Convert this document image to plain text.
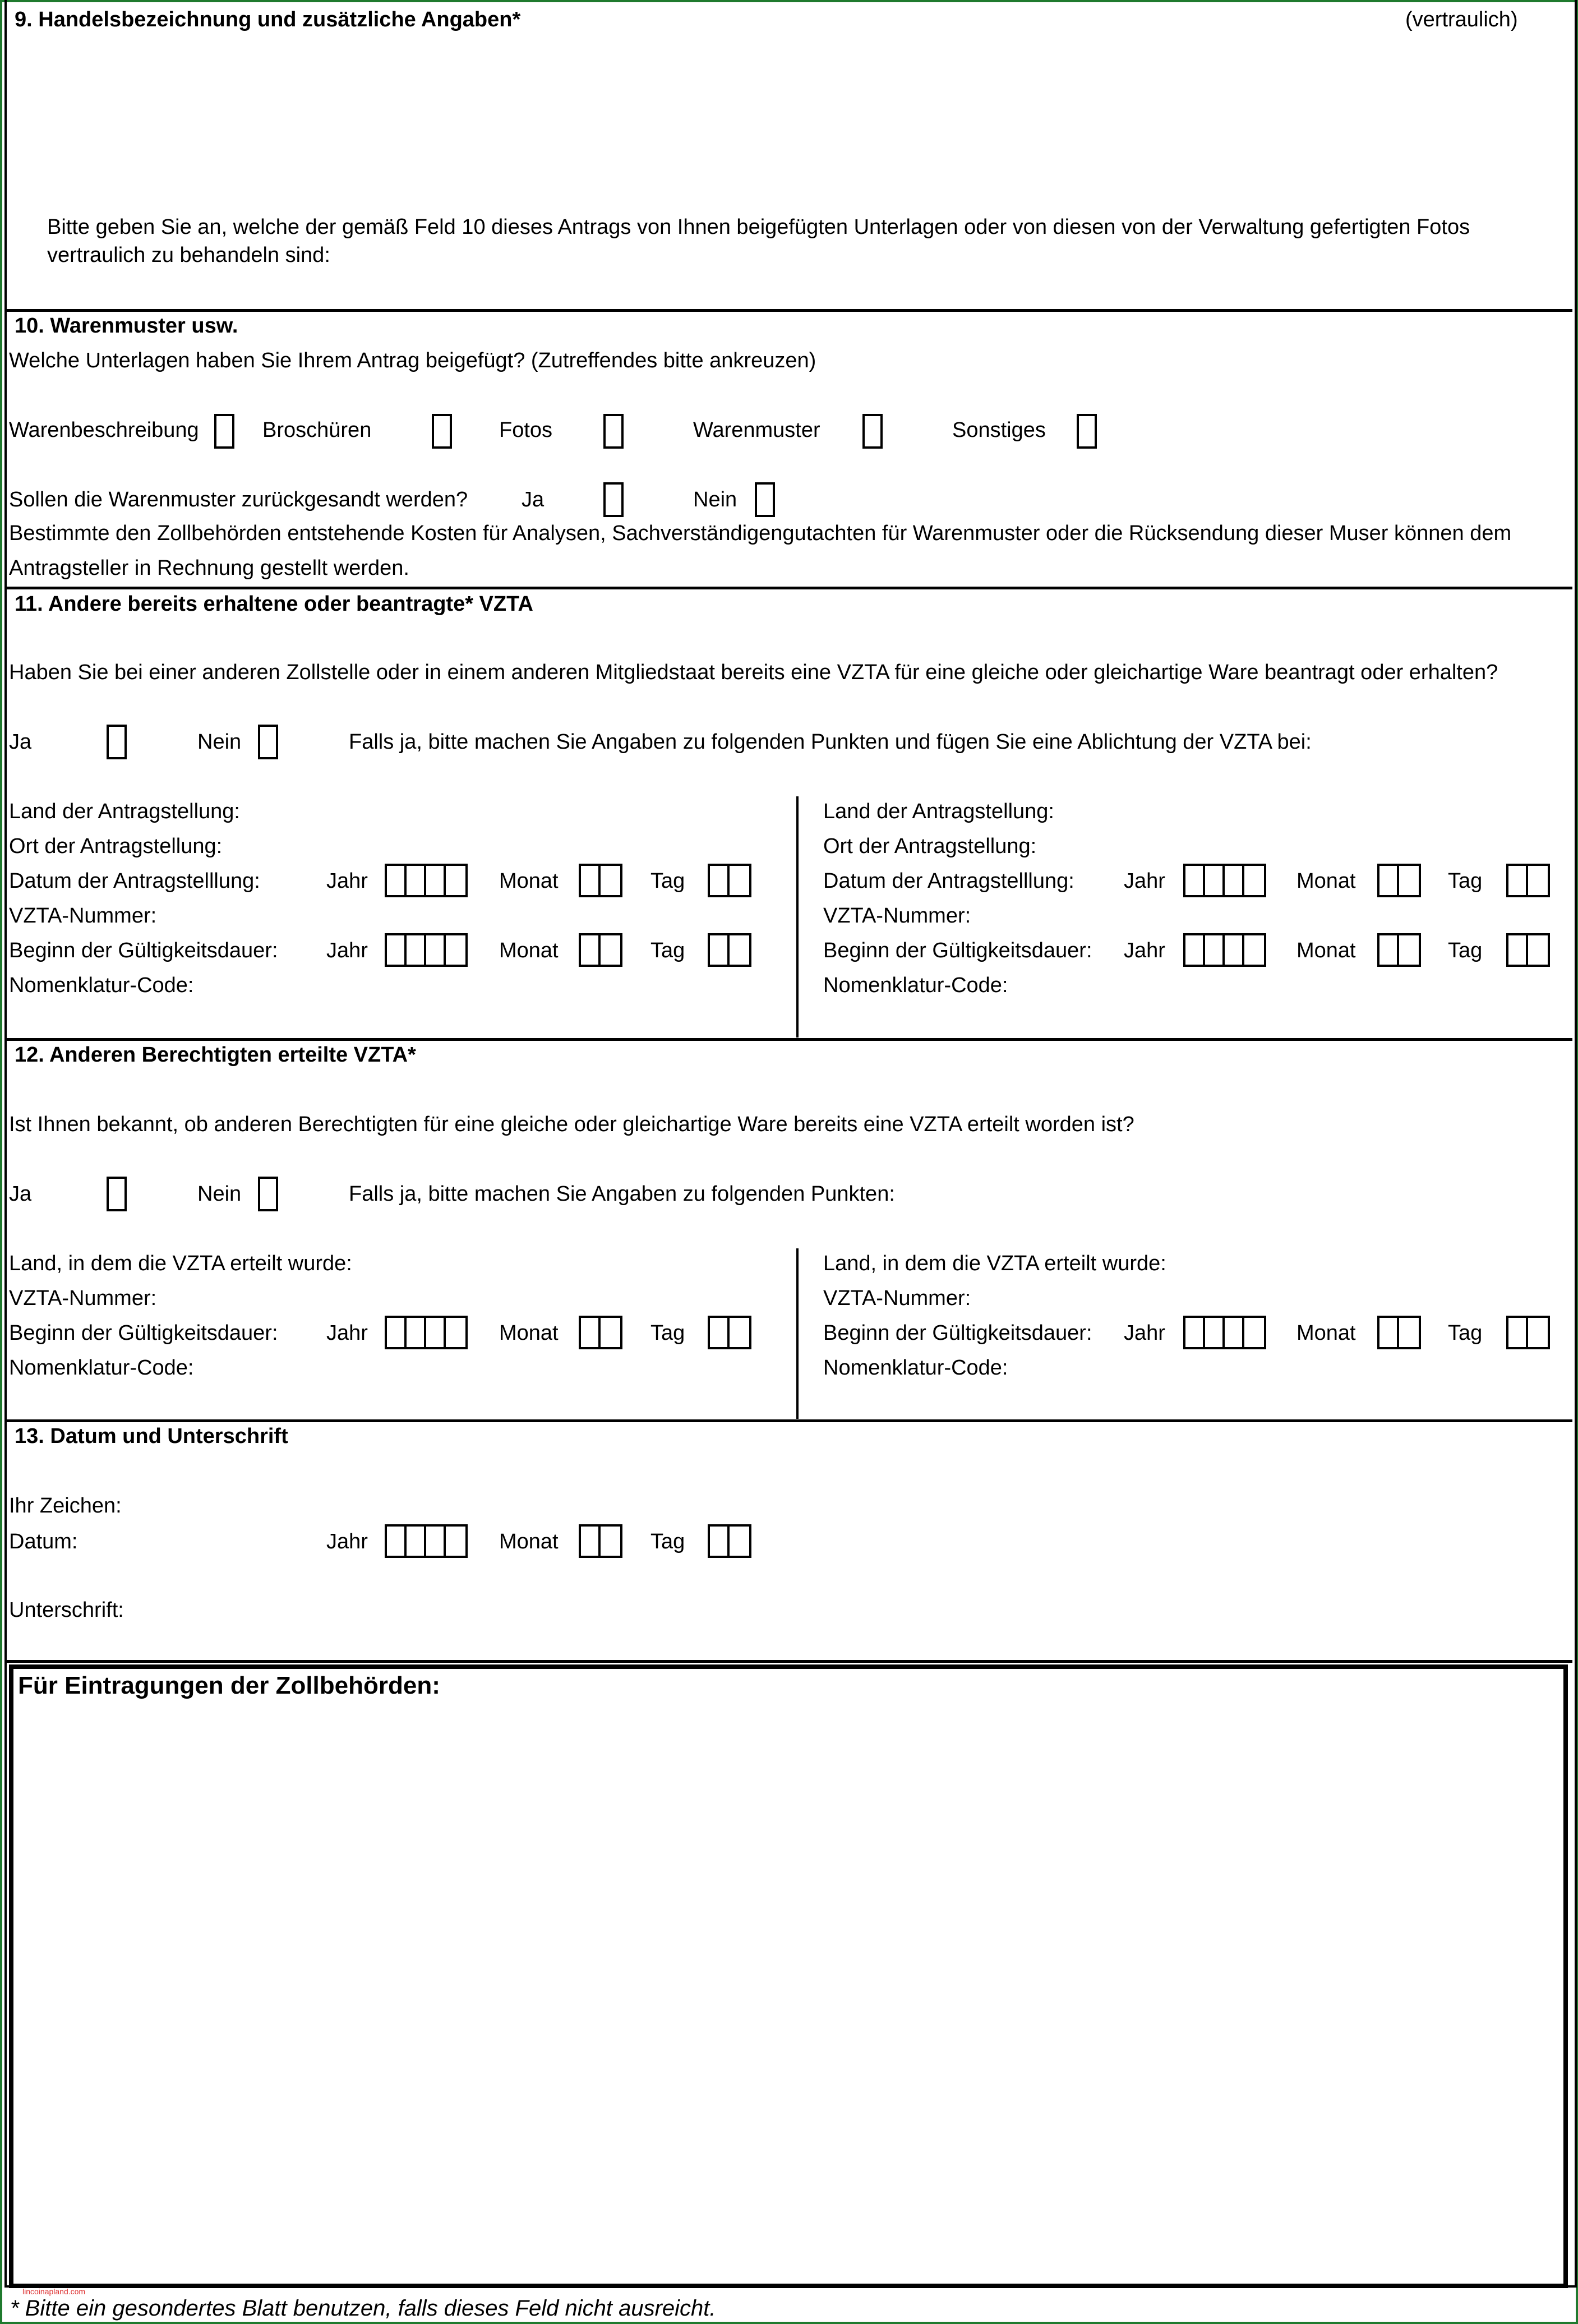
9. Handelsbezeichnung und zusätzliche Angaben*	(vertraulich)
Bitte geben Sie an, welche der gemäß Feld 10 dieses Antrags von Ihnen beigefügten Unterlagen oder von diesen von der Verwaltung gefertigten Fotos
vertraulich zu behandeln sind:
10. Warenmuster usw.
Welche Unterlagen haben Sie Ihrem Antrag beigefügt? (Zutreffendes bitte ankreuzen)
Warenbeschreibung	Broschüren	Fotos	Warenmuster	Sonstiges
Sollen die Warenmuster zurückgesandt werden?	Ja	Nein
Bestimmte den Zollbehörden entstehende Kosten für Analysen, Sachverständigengutachten für Warenmuster oder die Rücksendung dieser Muser können dem
Antragsteller in Rechnung gestellt werden.
11. Andere bereits erhaltene oder beantragte* VZTA
Haben Sie bei einer anderen Zollstelle oder in einem anderen Mitgliedstaat bereits eine VZTA für eine gleiche oder gleichartige Ware beantragt oder erhalten?
Ja	Nein	Falls ja, bitte machen Sie Angaben zu folgenden Punkten und fügen Sie eine Ablichtung der VZTA bei:
Land der Antragstellung:
Ort der Antragstellung:
Datum der Antragstelllung:	Jahr	Monat	Tag
VZTA-Nummer:
Beginn der Gültigkeitsdauer: Jahr	Monat	Tag
Nomenklatur-Code:
Land der Antragstellung:
Ort der Antragstellung:
Datum der Antragstelllung: Jahr	Monat	Tag
VZTA-Nummer:
Beginn der Gültigkeitsdauer: Jahr	Monat	Tag
Nomenklatur-Code:
12. Anderen Berechtigten erteilte VZTA*
Ist Ihnen bekannt, ob anderen Berechtigten für eine gleiche oder gleichartige Ware bereits eine VZTA erteilt worden ist?
Ja	Nein	Falls ja, bitte machen Sie Angaben zu folgenden Punkten:
Land, in dem die VZTA erteilt wurde:
VZTA-Nummer:
Beginn der Gültigkeitsdauer: Jahr	Monat	Tag
Nomenklatur-Code:
Land, in dem die VZTA erteilt wurde:
VZTA-Nummer:
Beginn der Gültigkeitsdauer: Jahr	Monat	Tag
Nomenklatur-Code:
13. Datum und Unterschrift
Ihr Zeichen:
Datum:	Jahr	Monat	Tag
Unterschrift:
Für Eintragungen der Zollbehörden:
lincoinapland.com
* Bitte ein gesondertes Blatt benutzen, falls dieses Feld nicht ausreicht.
